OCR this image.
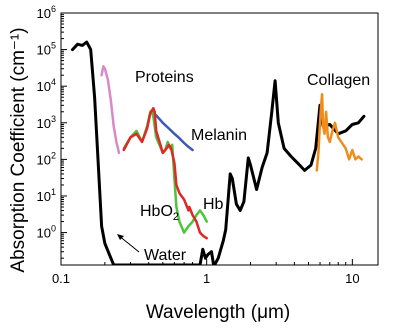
0.1	1	10
$10^0$
$10^1$
$10^2$
$10^3$
$10^4$
$10^5$
$10^6$
Wavelength (μm)
Absorption Coefficient (cm⁻¹)	Proteins	Collagen
Melanin
HbO$_2$
Hb
Water
